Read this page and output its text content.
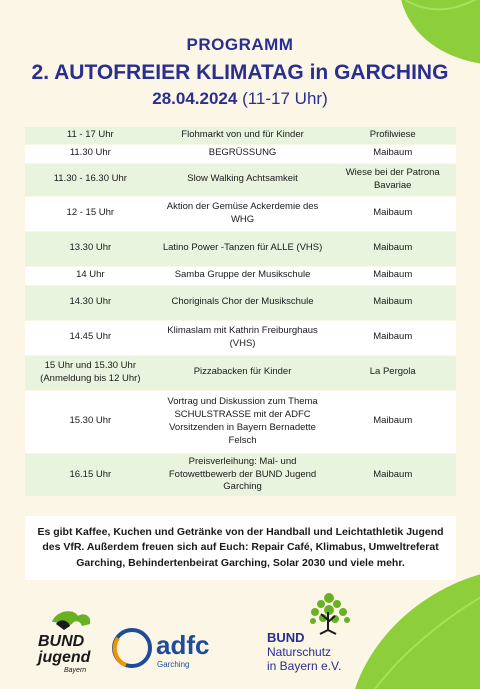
PROGRAMM
2. AUTOFREIER KLIMATAG in GARCHING
28.04.2024 (11-17 Uhr)
11 - 17 Uhr	Flohmarkt von und für Kinder	Profilwiese
11.30 Uhr	BEGRÜSSUNG	Maibaum
11.30 - 16.30 Uhr	Slow Walking Achtsamkeit	Wiese bei der Patrona Bavariae
12 - 15 Uhr	Aktion der Gemüse Ackerdemie des WHG	Maibaum
13.30 Uhr	Latino Power -Tanzen für ALLE (VHS)	Maibaum
14 Uhr	Samba Gruppe der Musikschule	Maibaum
14.30 Uhr	Choriginals Chor der Musikschule	Maibaum
14.45 Uhr	Klimaslam mit Kathrin Freiburghaus (VHS)	Maibaum
15 Uhr und 15.30 Uhr (Anmeldung bis 12 Uhr)	Pizzabacken für Kinder	La Pergola
15.30 Uhr	Vortrag und Diskussion zum Thema SCHULSTRASSE mit der ADFC Vorsitzenden in Bayern Bernadette Felsch	Maibaum
16.15 Uhr	Preisverleihung: Mal- und Fotowettbewerb der BUND Jugend Garching	Maibaum
Es gibt Kaffee, Kuchen und Getränke von der Handball und Leichtathletik Jugend des VfR. Außerdem freuen sich auf Euch: Repair Café, Klimabus, Umweltreferat Garching, Behindertenbeirat Garching, Solar 2030 und viele mehr.
BUND
jugend
Bayern
adfc
Garching
BUND
Naturschutz
in Bayern e.V.
